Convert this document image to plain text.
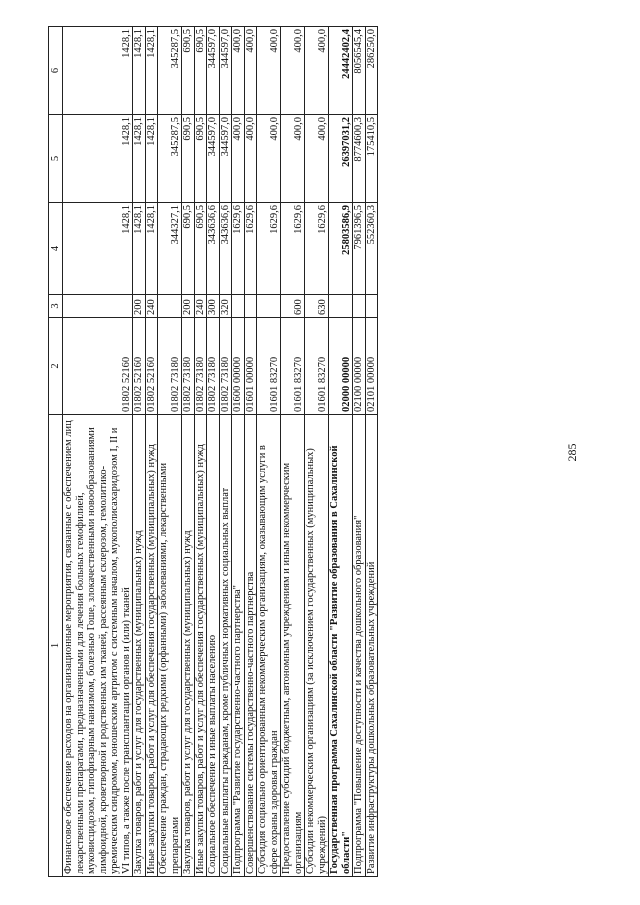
285
1	2	3	4	5	6
Финансовое обеспечение расходов на организационные мероприятия, связанные с обеспечением лиц лекарственными препаратами, предназначенными для лечения больных гемофилией, муковисцидозом, гипофизарным нанизмом, болезнью Гоше, злокачественными новообразованиями лимфоидной, кроветворной и родственных им тканей, рассеянным склерозом, гемолитико-уремическим синдромом, юношеским артритом с системным началом, мукополисахаридозом I, II и VI типов, а также после трансплантации органов и (или) тканей	01802 52160		1428,1	1428,1	1428,1
Закупка товаров, работ и услуг для государственных (муниципальных) нужд	01802 52160	200	1428,1	1428,1	1428,1
Иные закупки товаров, работ и услуг для обеспечения государственных (муниципальных) нужд	01802 52160	240	1428,1	1428,1	1428,1
Обеспечение граждан, страдающих редкими (орфанными) заболеваниями, лекарственными препаратами	01802 73180		344327,1	345287,5	345287,5
Закупка товаров, работ и услуг для государственных (муниципальных) нужд	01802 73180	200	690,5	690,5	690,5
Иные закупки товаров, работ и услуг для обеспечения государственных (муниципальных) нужд	01802 73180	240	690,5	690,5	690,5
Социальное обеспечение и иные выплаты населению	01802 73180	300	343636,6	344597,0	344597,0
Социальные выплаты гражданам, кроме публичных нормативных социальных выплат	01802 73180	320	343636,6	344597,0	344597,0
Подпрограмма "Развитие государственно-частного партнерства"	01600 00000		1629,6	400,0	400,0
Совершенствование системы государственно-частного партнерства	01601 00000		1629,6	400,0	400,0
Субсидия социально ориентированным некоммерческим организациям, оказывающим услуги в сфере охраны здоровья граждан	01601 83270		1629,6	400,0	400,0
Предоставление субсидий бюджетным, автономным учреждениям и иным некоммерческим организациям	01601 83270	600	1629,6	400,0	400,0
Субсидии некоммерческим организациям (за исключением государственных (муниципальных) учреждений)	01601 83270	630	1629,6	400,0	400,0
Государственная программа Сахалинской области "Развитие образования в Сахалинской области"	02000 00000		25803586,9	26397031,2	24442402,4
Подпрограмма "Повышение доступности и качества дошкольного образования"	02100 00000		7961396,5	8774600,3	8056545,4
Развитие инфраструктуры дошкольных образовательных учреждений	02101 00000		552360,3	175410,5	286250,0
